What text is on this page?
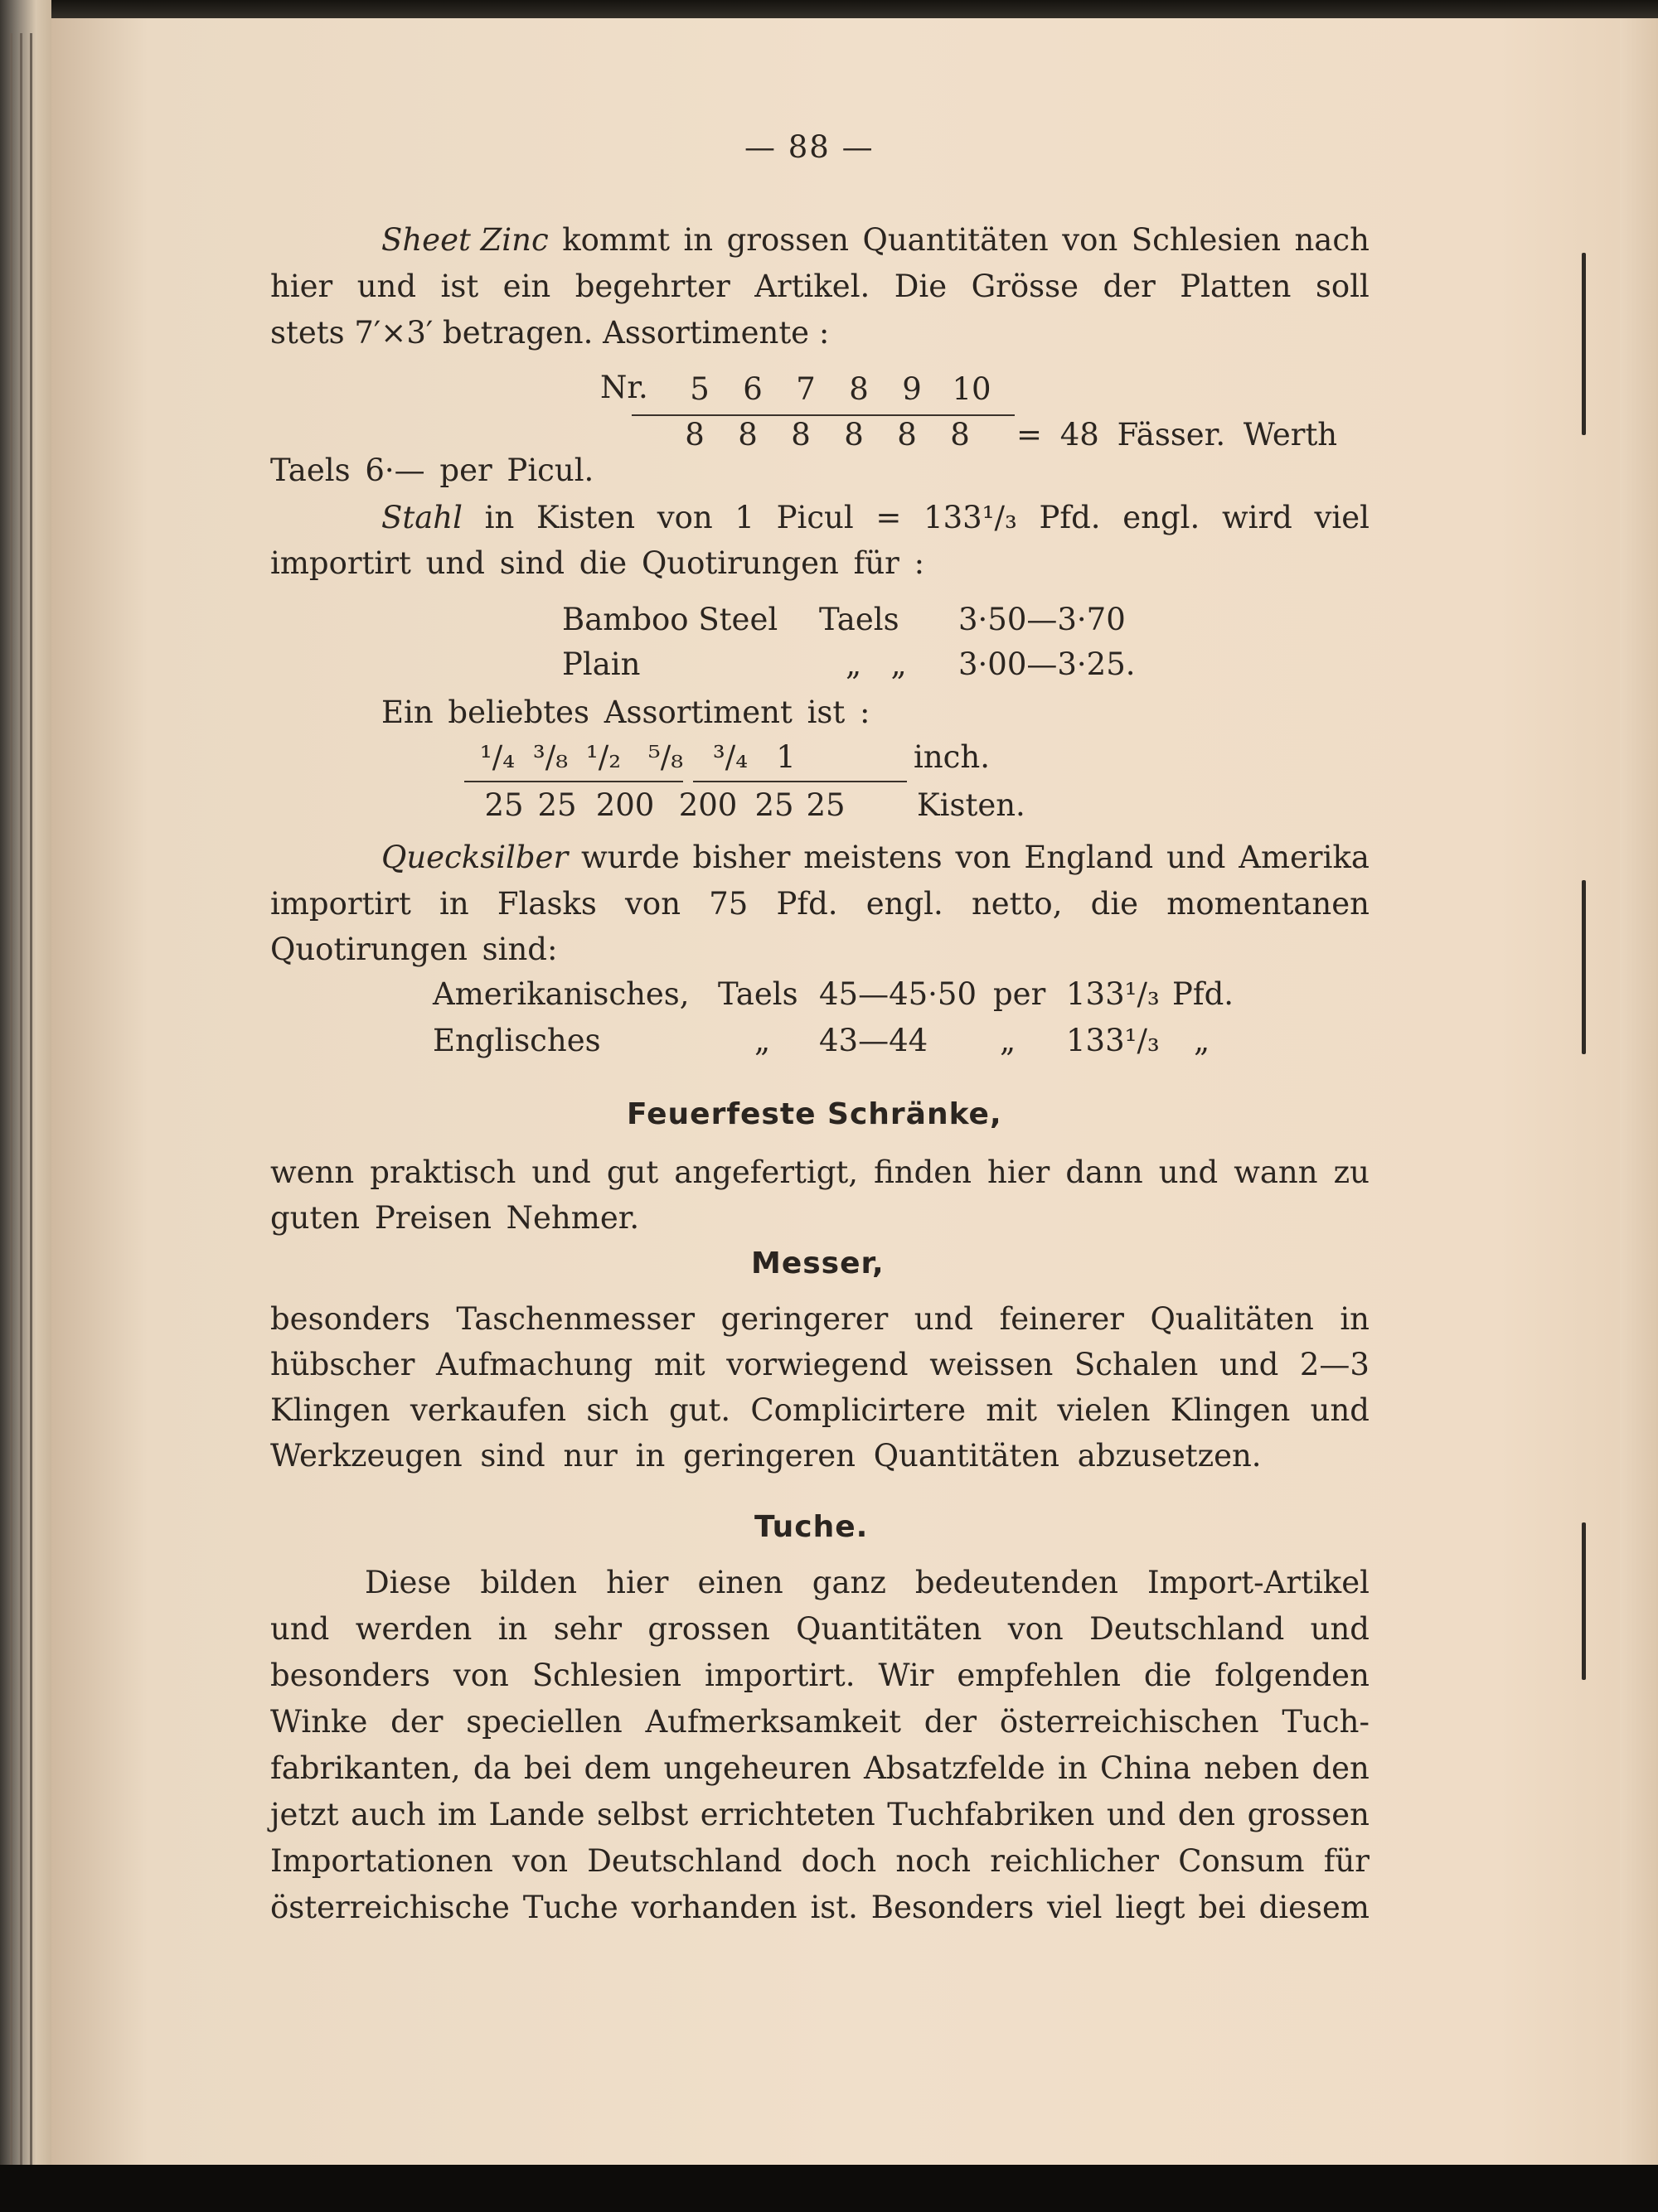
— 88 —
Sheet Zinc kommt in grossen Quantitäten von Schlesien nach
hier und ist ein begehrter Artikel. Die Grösse der Platten soll
stets 7′×3′ betragen. Assortimente :
Nr.	5	6	7	8	9 10
8	8	8	8	8	8	= 48 Fässer. Werth
Taels 6·— per Picul.
Stahl in Kisten von 1 Picul = 133¹/₃ Pfd. engl. wird viel
importirt und sind die Quotirungen für :
Bamboo Steel Taels 3·50—3·70
Plain	„   „ 3·00—3·25.
Ein beliebtes Assortiment ist :
¹/₄ ³/₈ ¹/₂ ⁵/₈ ³/₄ 1	inch.
25 25 200 200 25 25 Kisten.
Quecksilber wurde bisher meistens von England und Amerika
importirt in Flasks von 75 Pfd. engl. netto, die momentanen
Quotirungen sind:
Amerikanisches, Taels 45—45·50 per 133¹/₃ Pfd.
Englisches	„ 43—44 „ 133¹/₃ „
Feuerfeste Schränke,
wenn praktisch und gut angefertigt, finden hier dann und wann zu
guten Preisen Nehmer.
Messer,
besonders Taschenmesser geringerer und feinerer Qualitäten in
hübscher Aufmachung mit vorwiegend weissen Schalen und 2—3
Klingen verkaufen sich gut. Complicirtere mit vielen Klingen und
Werkzeugen sind nur in geringeren Quantitäten abzusetzen.
Tuche.
Diese bilden hier einen ganz bedeutenden Import-Artikel
und werden in sehr grossen Quantitäten von Deutschland und
besonders von Schlesien importirt. Wir empfehlen die folgenden
Winke der speciellen Aufmerksamkeit der österreichischen Tuch-
fabrikanten, da bei dem ungeheuren Absatzfelde in China neben den
jetzt auch im Lande selbst errichteten Tuchfabriken und den grossen
Importationen von Deutschland doch noch reichlicher Consum für
österreichische Tuche vorhanden ist. Besonders viel liegt bei diesem
